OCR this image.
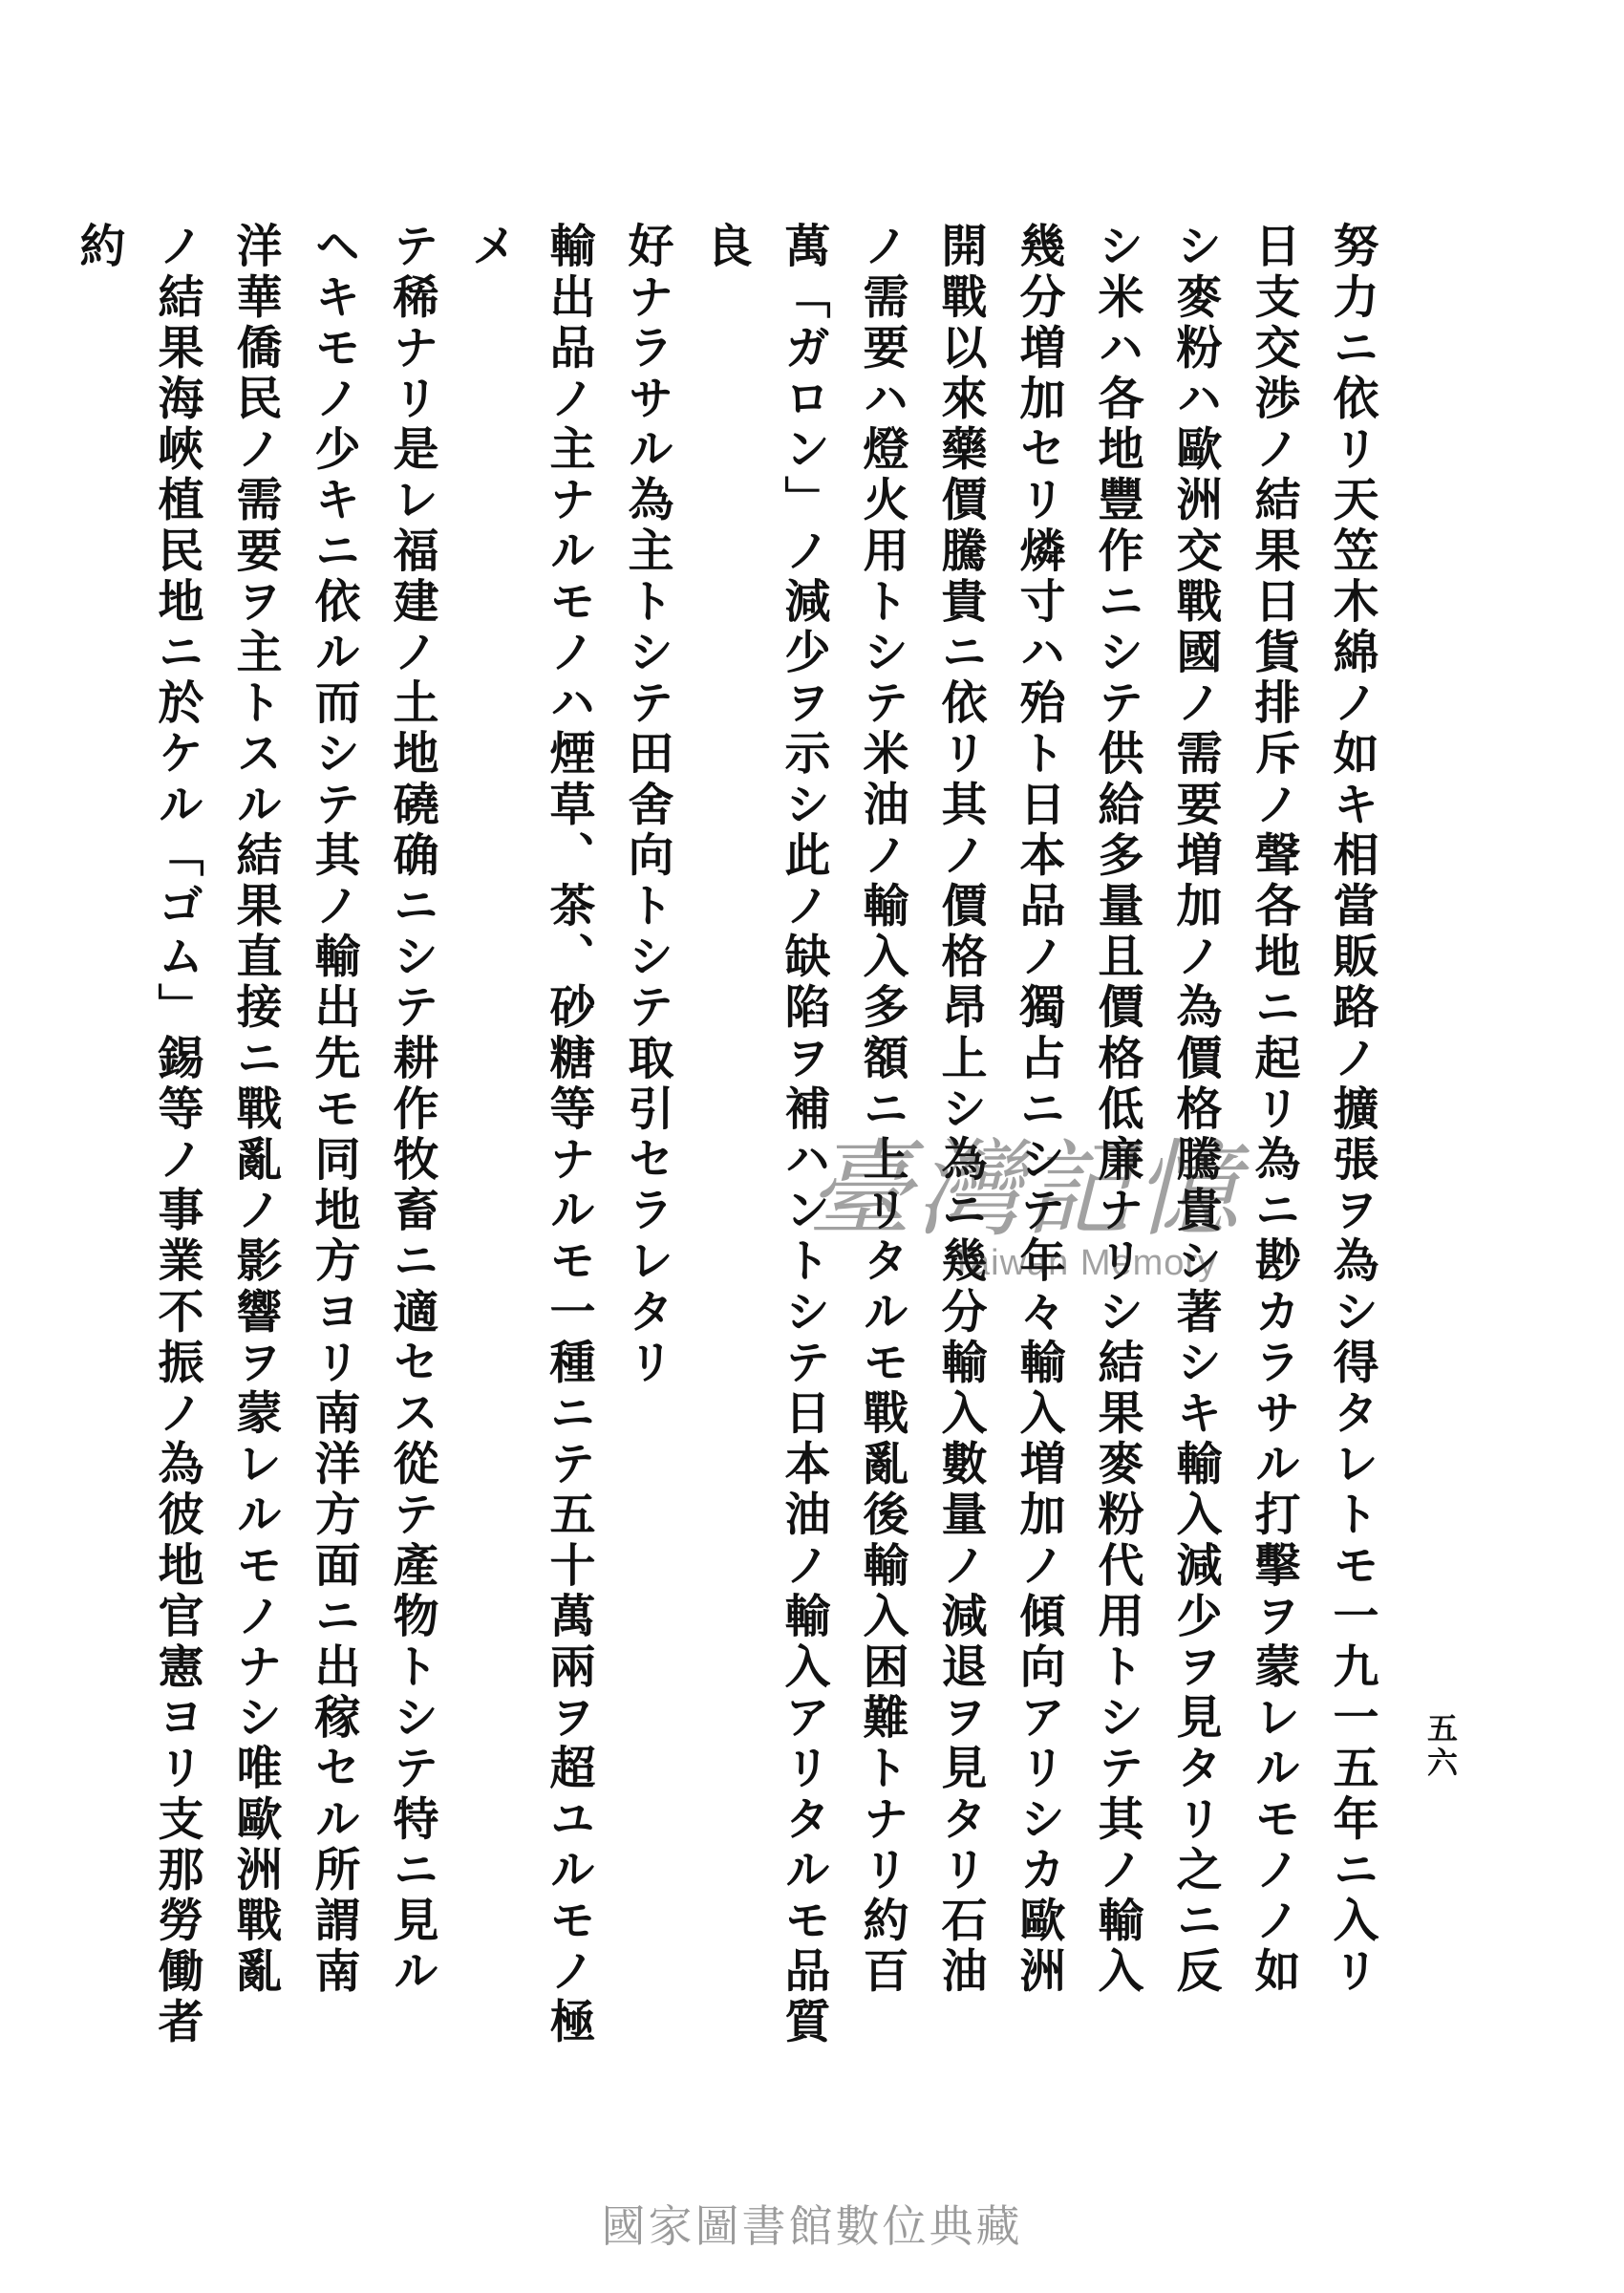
五六
努力ニ依リ天笠木綿ノ如キ相當販路ノ擴張ヲ為シ得タレトモ一九一五年ニ入リ
日支交渉ノ結果日貨排斥ノ聲各地ニ起リ為ニ尠カラサル打擊ヲ蒙レルモノノ如
シ麥粉ハ歐洲交戰國ノ需要増加ノ為價格騰貴シ著シキ輸入減少ヲ見タリ之ニ反
シ米ハ各地豐作ニシテ供給多量且價格低廉ナリシ結果麥粉代用トシテ其ノ輸入
幾分増加セリ燐寸ハ殆ト日本品ノ獨占ニシテ年々輸入増加ノ傾向アリシカ歐洲
開戰以來藥價騰貴ニ依リ其ノ價格昂上シ為ニ幾分輸入數量ノ減退ヲ見タリ石油
ノ需要ハ燈火用トシテ米油ノ輸入多額ニ上リタルモ戰亂後輸入困難トナリ約百
萬「ガロン」ノ減少ヲ示シ此ノ缺陷ヲ補ハントシテ日本油ノ輸入アリタルモ品質良
好ナラサル為主トシテ田舍向トシテ取引セラレタリ
輸出品ノ主ナルモノハ煙草、茶、砂糖等ナルモ一種ニテ五十萬兩ヲ超ユルモノ極メ
テ稀ナリ是レ福建ノ土地磽确ニシテ耕作牧畜ニ適セス從テ產物トシテ特ニ見ル
ヘキモノ少キニ依ル而シテ其ノ輸出先モ同地方ヨリ南洋方面ニ出稼セル所謂南
洋華僑民ノ需要ヲ主トスル結果直接ニ戰亂ノ影響ヲ蒙レルモノナシ唯歐洲戰亂
ノ結果海峽植民地ニ於ケル「ゴム」錫等ノ事業不振ノ為彼地官憲ヨリ支那勞働者約
臺灣記憶
Taiwan Memory
國家圖書館數位典藏
